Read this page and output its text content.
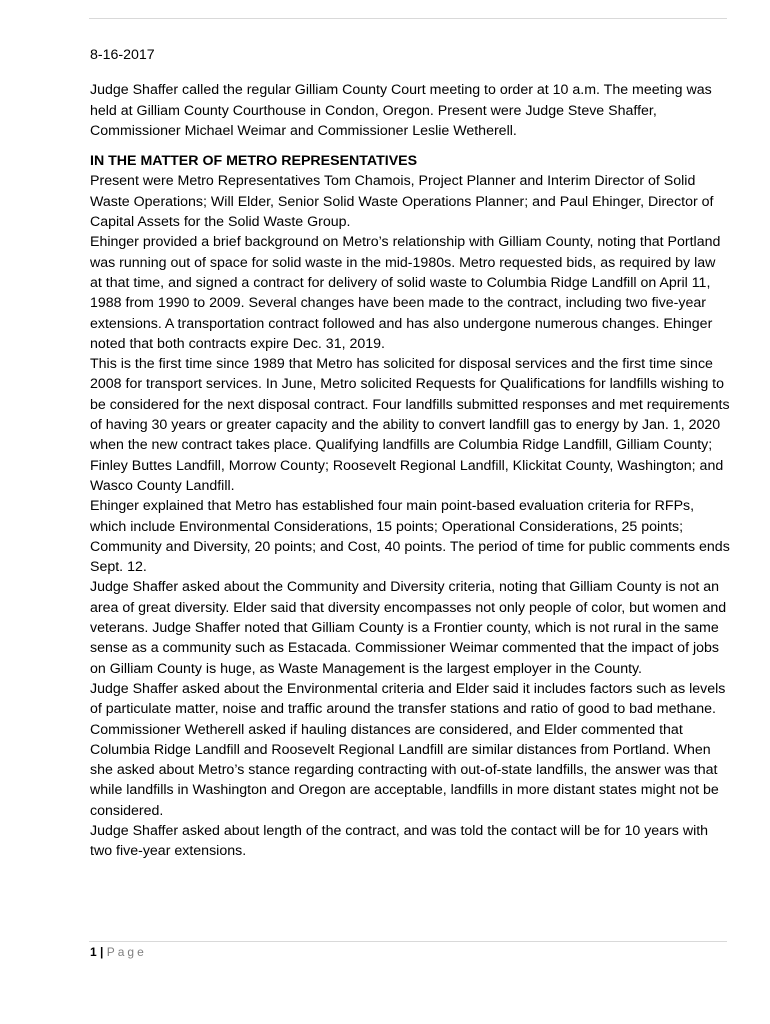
8-16-2017

Judge Shaffer called the regular Gilliam County Court meeting to order at 10 a.m. The meeting was held at Gilliam County Courthouse in Condon, Oregon. Present were Judge Steve Shaffer, Commissioner Michael Weimar and Commissioner Leslie Wetherell.

IN THE MATTER OF METRO REPRESENTATIVES

Present were Metro Representatives Tom Chamois, Project Planner and Interim Director of Solid Waste Operations; Will Elder, Senior Solid Waste Operations Planner; and Paul Ehinger, Director of Capital Assets for the Solid Waste Group.

Ehinger provided a brief background on Metro’s relationship with Gilliam County, noting that Portland was running out of space for solid waste in the mid-1980s. Metro requested bids, as required by law at that time, and signed a contract for delivery of solid waste to Columbia Ridge Landfill on April 11, 1988 from 1990 to 2009. Several changes have been made to the contract, including two five-year extensions. A transportation contract followed and has also undergone numerous changes. Ehinger noted that both contracts expire Dec. 31, 2019.

This is the first time since 1989 that Metro has solicited for disposal services and the first time since 2008 for transport services. In June, Metro solicited Requests for Qualifications for landfills wishing to be considered for the next disposal contract. Four landfills submitted responses and met requirements of having 30 years or greater capacity and the ability to convert landfill gas to energy by Jan. 1, 2020 when the new contract takes place. Qualifying landfills are Columbia Ridge Landfill, Gilliam County; Finley Buttes Landfill, Morrow County; Roosevelt Regional Landfill, Klickitat County, Washington; and Wasco County Landfill.

Ehinger explained that Metro has established four main point-based evaluation criteria for RFPs, which include Environmental Considerations, 15 points; Operational Considerations, 25 points; Community and Diversity, 20 points; and Cost, 40 points. The period of time for public comments ends Sept. 12.

Judge Shaffer asked about the Community and Diversity criteria, noting that Gilliam County is not an area of great diversity. Elder said that diversity encompasses not only people of color, but women and veterans. Judge Shaffer noted that Gilliam County is a Frontier county, which is not rural in the same sense as a community such as Estacada. Commissioner Weimar commented that the impact of jobs on Gilliam County is huge, as Waste Management is the largest employer in the County.

Judge Shaffer asked about the Environmental criteria and Elder said it includes factors such as levels of particulate matter, noise and traffic around the transfer stations and ratio of good to bad methane.

Commissioner Wetherell asked if hauling distances are considered, and Elder commented that Columbia Ridge Landfill and Roosevelt Regional Landfill are similar distances from Portland. When she asked about Metro’s stance regarding contracting with out-of-state landfills, the answer was that while landfills in Washington and Oregon are acceptable, landfills in more distant states might not be considered.

Judge Shaffer asked about length of the contract, and was told the contact will be for 10 years with two five-year extensions.

1 | Page
